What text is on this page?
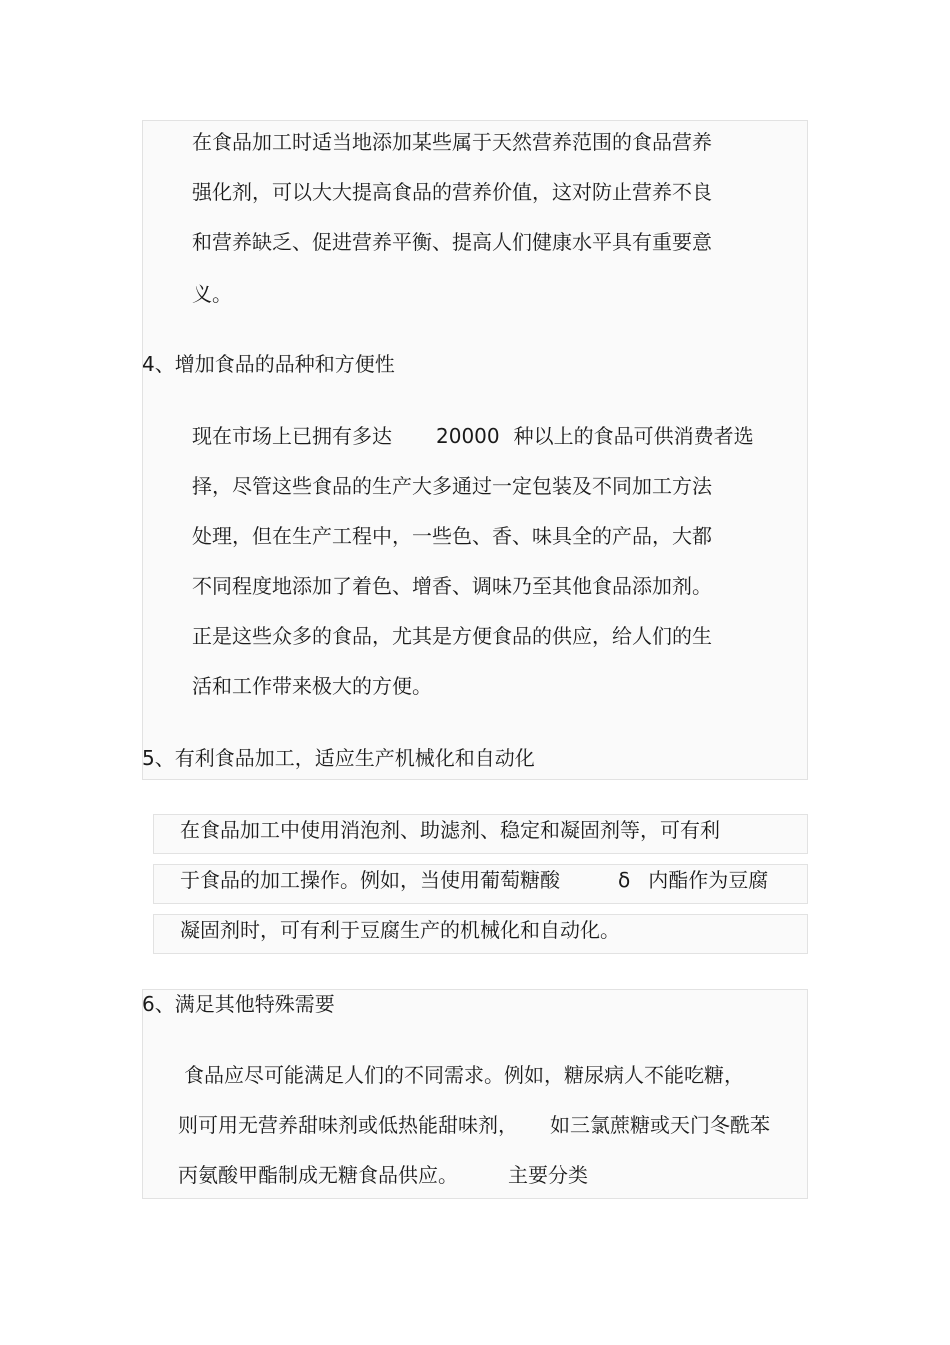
在食品加工时适当地添加某些属于天然营养范围的食品营养
强化剂，可以大大提高食品的营养价值，这对防止营养不良
和营养缺乏、促进营养平衡、提高人们健康水平具有重要意
义。
4、增加食品的品种和方便性
现在市场上已拥有多达 20000 种以上的食品可供消费者选
择，尽管这些食品的生产大多通过一定包装及不同加工方法
处理，但在生产工程中，一些色、香、味具全的产品，大都
不同程度地添加了着色、增香、调味乃至其他食品添加剂。
正是这些众多的食品，尤其是方便食品的供应，给人们的生
活和工作带来极大的方便。
5、有利食品加工，适应生产机械化和自动化
在食品加工中使用消泡剂、助滤剂、稳定和凝固剂等，可有利
于食品的加工操作。例如，当使用葡萄糖酸	δ 内酯作为豆腐
凝固剂时，可有利于豆腐生产的机械化和自动化。
6、满足其他特殊需要
食品应尽可能满足人们的不同需求。例如，糖尿病人不能吃糖，
则可用无营养甜味剂或低热能甜味剂， 如三氯蔗糖或天门冬酰苯
丙氨酸甲酯制成无糖食品供应。	主要分类
